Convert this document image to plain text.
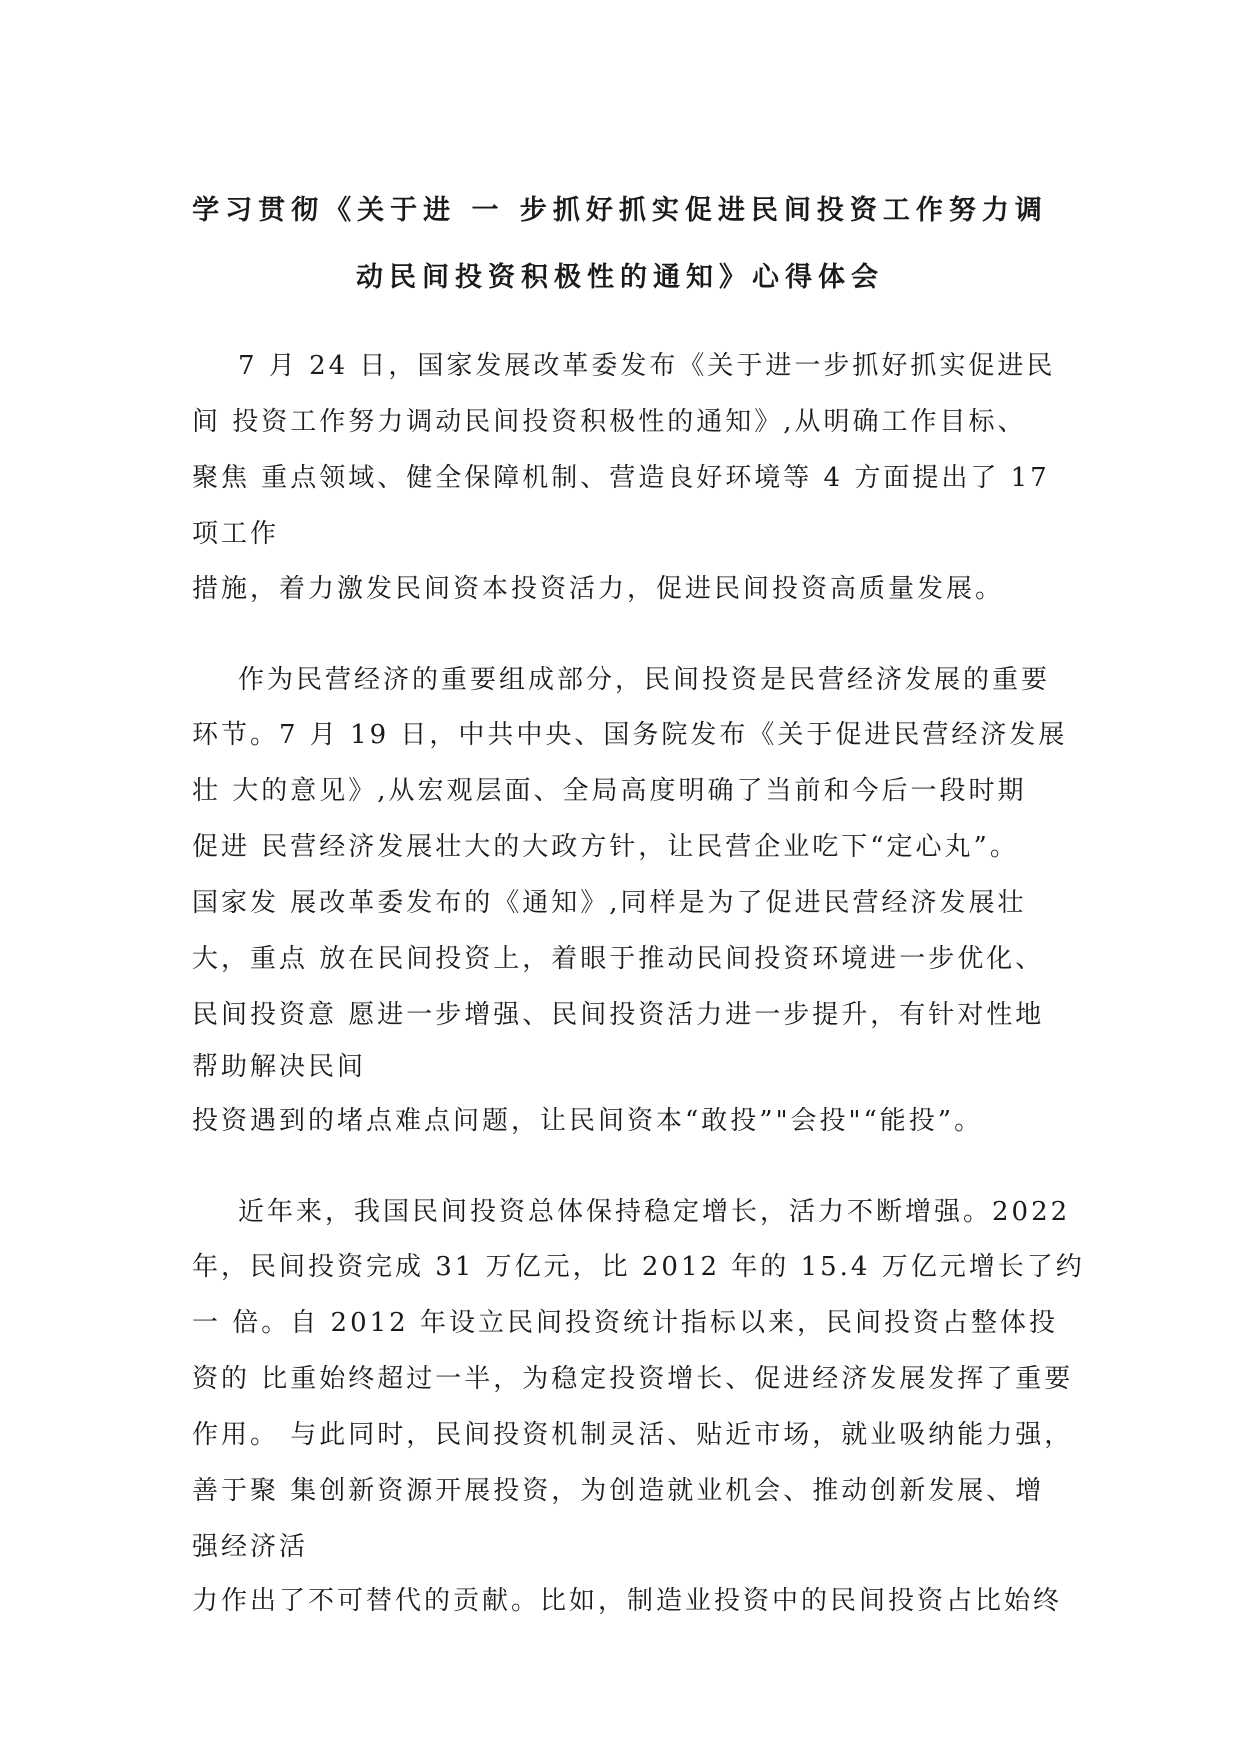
学习贯彻《关于进 一 步抓好抓实促进民间投资工作努力调
动民间投资积极性的通知》心得体会
7 月 24 日，国家发展改革委发布《关于进一步抓好抓实促进民
间 投资工作努力调动民间投资积极性的通知》,从明确工作目标、
聚焦 重点领域、健全保障机制、营造良好环境等 4 方面提出了 17
项工作
措施，着力激发民间资本投资活力，促进民间投资高质量发展。
作为民营经济的重要组成部分，民间投资是民营经济发展的重要
环节。7 月 19 日，中共中央、国务院发布《关于促进民营经济发展
壮 大的意见》,从宏观层面、全局高度明确了当前和今后一段时期
促进 民营经济发展壮大的大政方针，让民营企业吃下“定心丸”。
国家发 展改革委发布的《通知》,同样是为了促进民营经济发展壮
大，重点 放在民间投资上，着眼于推动民间投资环境进一步优化、
民间投资意 愿进一步增强、民间投资活力进一步提升，有针对性地
帮助解决民间
投资遇到的堵点难点问题，让民间资本“敢投”"会投"“能投”。
近年来，我国民间投资总体保持稳定增长，活力不断增强。2022
年，民间投资完成 31 万亿元，比 2012 年的 15.4 万亿元增长了约
一 倍。自 2012 年设立民间投资统计指标以来，民间投资占整体投
资的 比重始终超过一半，为稳定投资增长、促进经济发展发挥了重要
作用。 与此同时，民间投资机制灵活、贴近市场，就业吸纳能力强，
善于聚 集创新资源开展投资，为创造就业机会、推动创新发展、增
强经济活
力作出了不可替代的贡献。比如，制造业投资中的民间投资占比始终
